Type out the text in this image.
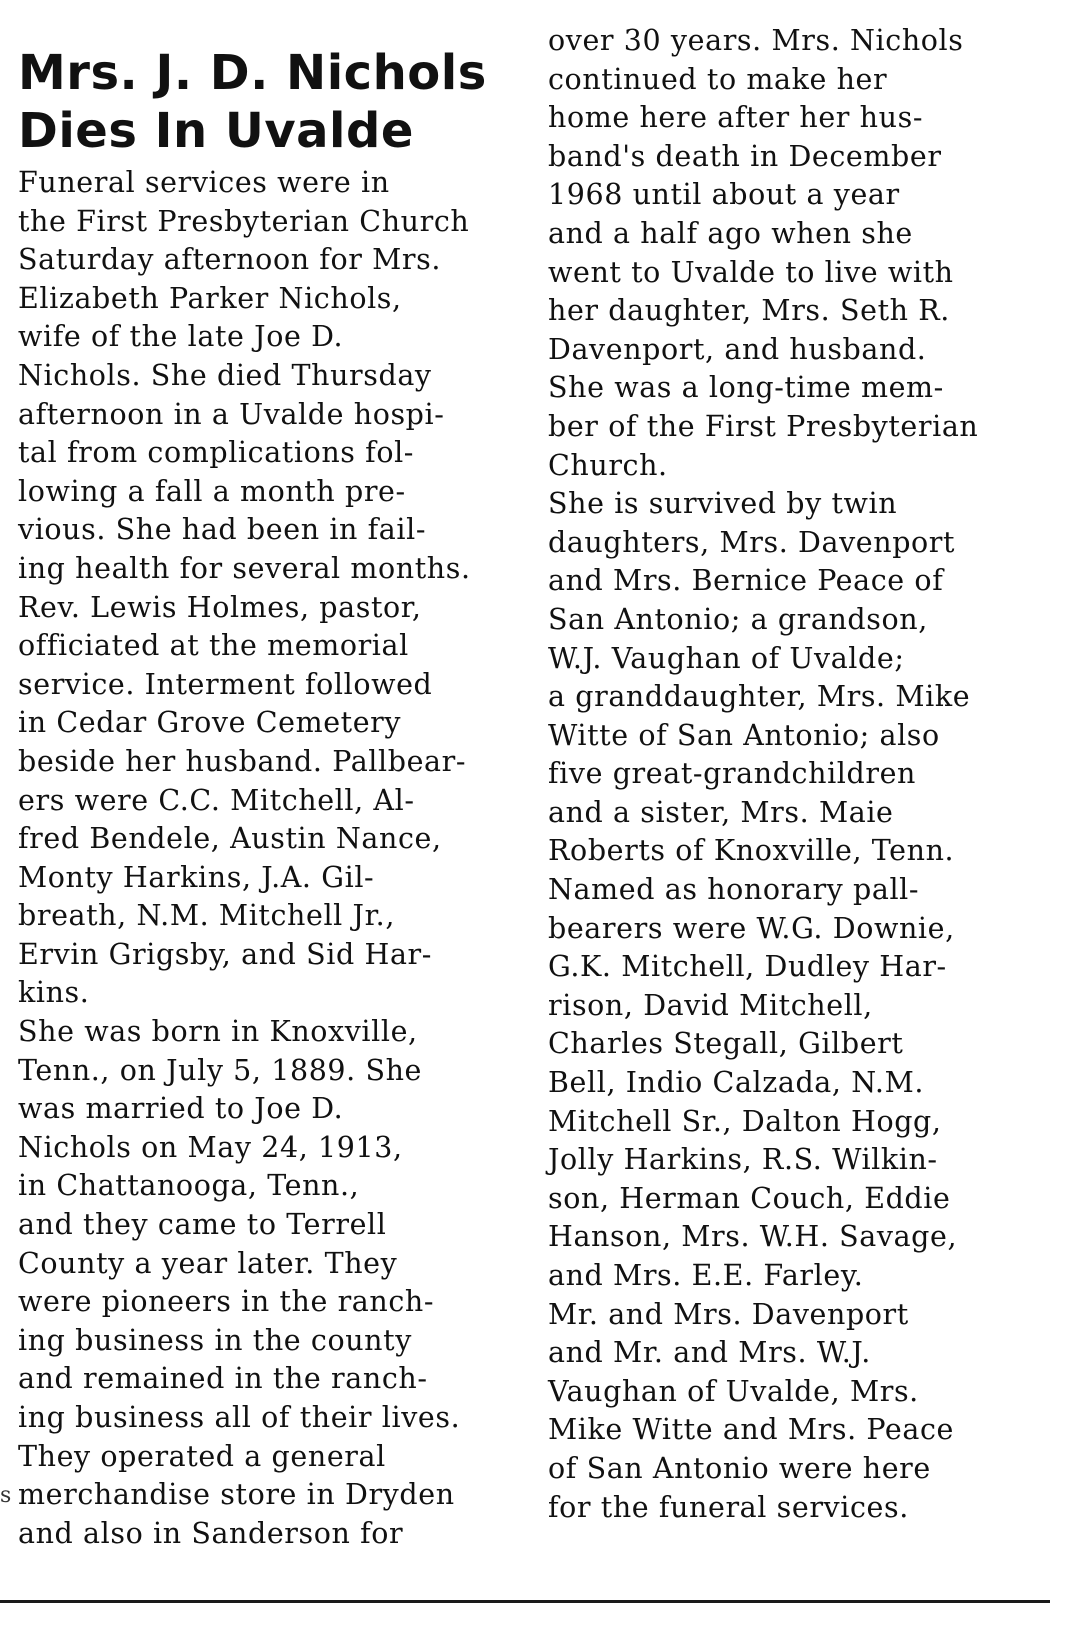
Mrs. J. D. Nichols
Dies In Uvalde
Funeral services were in
the First Presbyterian Church
Saturday afternoon for Mrs.
Elizabeth Parker Nichols,
wife of the late Joe D.
Nichols. She died Thursday
afternoon in a Uvalde hospi-
tal from complications fol-
lowing a fall a month pre-
vious. She had been in fail-
ing health for several months.
Rev. Lewis Holmes, pastor,
officiated at the memorial
service. Interment followed
in Cedar Grove Cemetery
beside her husband. Pallbear-
ers were C.C. Mitchell, Al-
fred Bendele, Austin Nance,
Monty Harkins, J.A. Gil-
breath, N.M. Mitchell Jr.,
Ervin Grigsby, and Sid Har-
kins.
She was born in Knoxville,
Tenn., on July 5, 1889. She
was married to Joe D.
Nichols on May 24, 1913,
in Chattanooga, Tenn.,
and they came to Terrell
County a year later. They
were pioneers in the ranch-
ing business in the county
and remained in the ranch-
ing business all of their lives.
They operated a general
merchandise store in Dryden
and also in Sanderson for
over 30 years. Mrs. Nichols
continued to make her
home here after her hus-
band's death in December
1968 until about a year
and a half ago when she
went to Uvalde to live with
her daughter, Mrs. Seth R.
Davenport, and husband.
She was a long-time mem-
ber of the First Presbyterian
Church.
She is survived by twin
daughters, Mrs. Davenport
and Mrs. Bernice Peace of
San Antonio; a grandson,
W.J. Vaughan of Uvalde;
a granddaughter, Mrs. Mike
Witte of San Antonio; also
five great-grandchildren
and a sister, Mrs. Maie
Roberts of Knoxville, Tenn.
Named as honorary pall-
bearers were W.G. Downie,
G.K. Mitchell, Dudley Har-
rison, David Mitchell,
Charles Stegall, Gilbert
Bell, Indio Calzada, N.M.
Mitchell Sr., Dalton Hogg,
Jolly Harkins, R.S. Wilkin-
son, Herman Couch, Eddie
Hanson, Mrs. W.H. Savage,
and Mrs. E.E. Farley.
Mr. and Mrs. Davenport
and Mr. and Mrs. W.J.
Vaughan of Uvalde, Mrs.
Mike Witte and Mrs. Peace
of San Antonio were here
for the funeral services.
s
